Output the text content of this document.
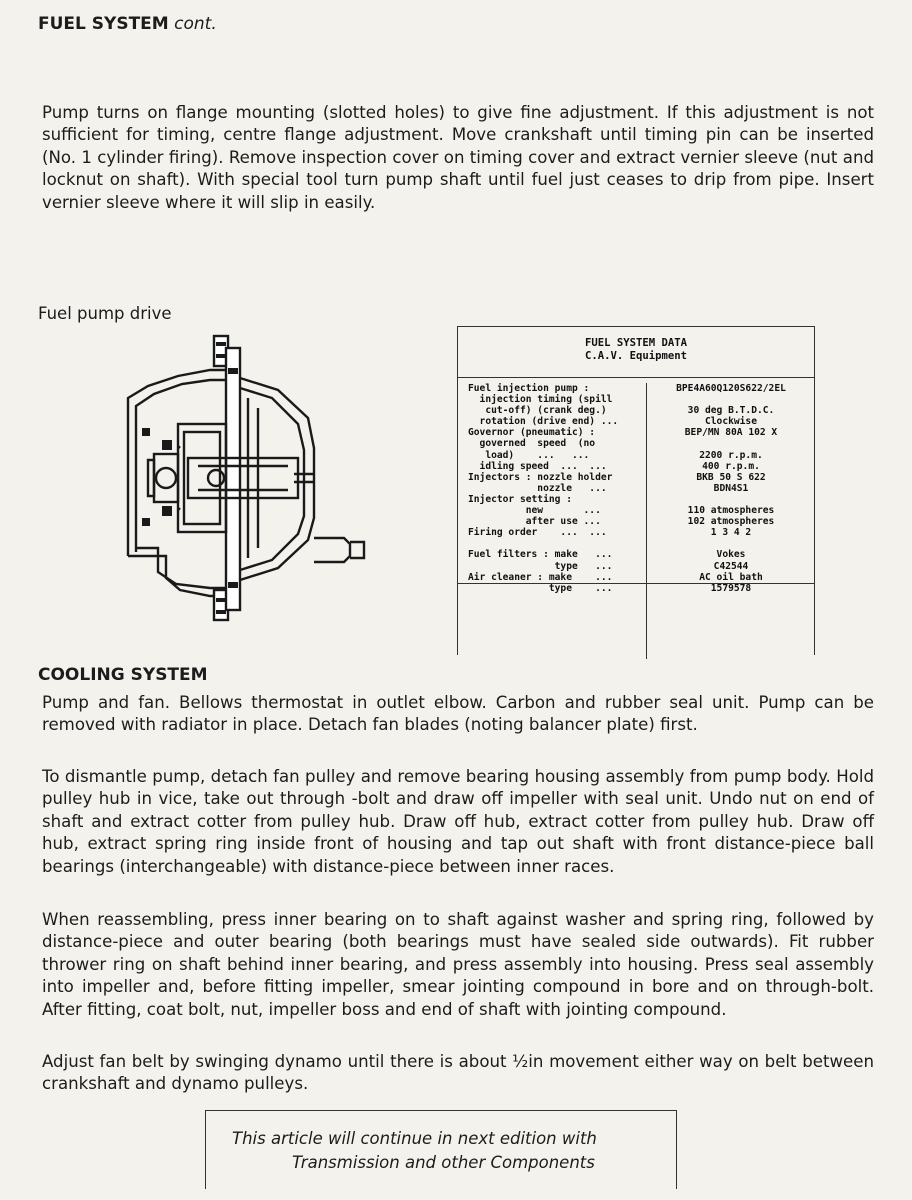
FUEL SYSTEM cont.
Pump turns on flange mounting (slotted holes) to give fine adjustment. If this adjustment is not sufficient for timing, centre flange adjustment. Move crankshaft until timing pin can be inserted (No. 1 cylinder firing). Remove inspection cover on timing cover and extract vernier sleeve (nut and locknut on shaft). With special tool turn pump shaft until fuel just ceases to drip from pipe. Insert vernier sleeve where it will slip in easily.
Fuel pump drive
FUEL SYSTEM DATA
C.A.V. Equipment
Fuel injection pump :
injection timing (spill
cut-off) (crank deg.)
rotation (drive end) ...
Governor (pneumatic) :
governed  speed  (no
load)    ...   ...
idling speed  ...  ...
Injectors : nozzle holder
nozzle   ...
Injector setting :
new       ...
after use ...
Firing order    ...  ...
Fuel filters : make   ...
type   ...
Air cleaner : make    ...
type    ...
BPE4A60Q120S622/2EL
30 deg B.T.D.C.
Clockwise
BEP/MN 80A 102 X
2200 r.p.m.
400 r.p.m.
BKB 50 S 622
BDN4S1
110 atmospheres
102 atmospheres
1 3 4 2
Vokes
C42544
AC oil bath
1579578
COOLING SYSTEM
Pump and fan. Bellows thermostat in outlet elbow. Carbon and rubber seal unit. Pump can be removed with radiator in place. Detach fan blades (noting balancer plate) first.
To dismantle pump, detach fan pulley and remove bearing housing assembly from pump body. Hold pulley hub in vice, take out through -bolt and draw off impeller with seal unit. Undo nut on end of shaft and extract cotter from pulley hub. Draw off hub, extract cotter from pulley hub. Draw off hub, extract spring ring inside front of housing and tap out shaft with front distance-piece ball bearings (interchangeable) with distance-piece between inner races.
When reassembling, press inner bearing on to shaft against washer and spring ring, followed by distance-piece and outer bearing (both bearings must have sealed side outwards). Fit rubber thrower ring on shaft behind inner bearing, and press assembly into housing. Press seal assembly into impeller and, before fitting impeller, smear jointing compound in bore and on through-bolt. After fitting, coat bolt, nut, impeller boss and end of shaft with jointing compound.
Adjust fan belt by swinging dynamo until there is about ½in movement either way on belt between crankshaft and dynamo pulleys.
This article will continue in next edition with
Transmission and other Components
